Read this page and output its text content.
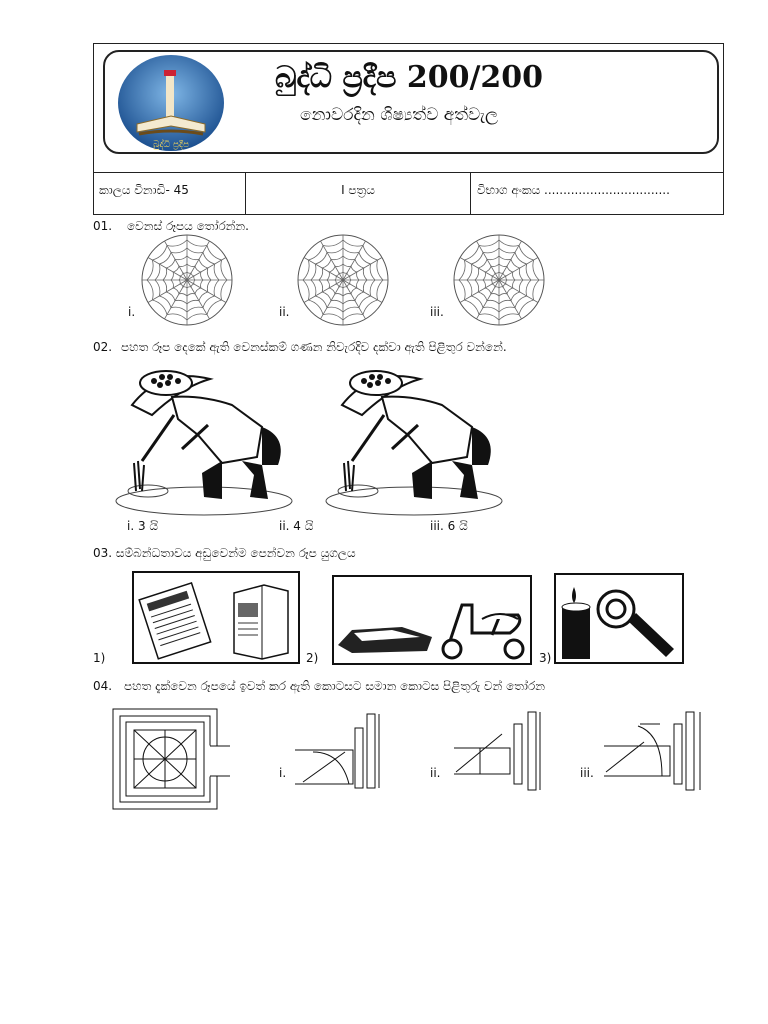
බුද්ධි ප්‍රදීප
බුද්ධි ප්‍රදීප 200/200
නොවරදින ශිෂ්‍යත්ව අත්වැල
කාලය විනාඩි- 45	I පත්‍රය	විභාග අංකය .................................
01. වෙනස් රූපය තෝරන්න.
i.	ii.	iii.
02. පහත රූප දෙකේ ඇති වෙනස්කම් ගණන නිවැරදිව දක්වා ඇති පිළිතුර වන්නේ.
i. 3 යි	ii. 4 යි	iii. 6 යි
03. සම්බන්ධතාවය අඩුවෙන්ම පෙන්වන රූප යුගලය
1)	2)	3)
04. පහත දැක්වෙන රූපයේ ඉවත් කර ඇති කොටසට සමාන කොටස පිළිතුරු වන් තෝරන
i.	ii.	iii.
